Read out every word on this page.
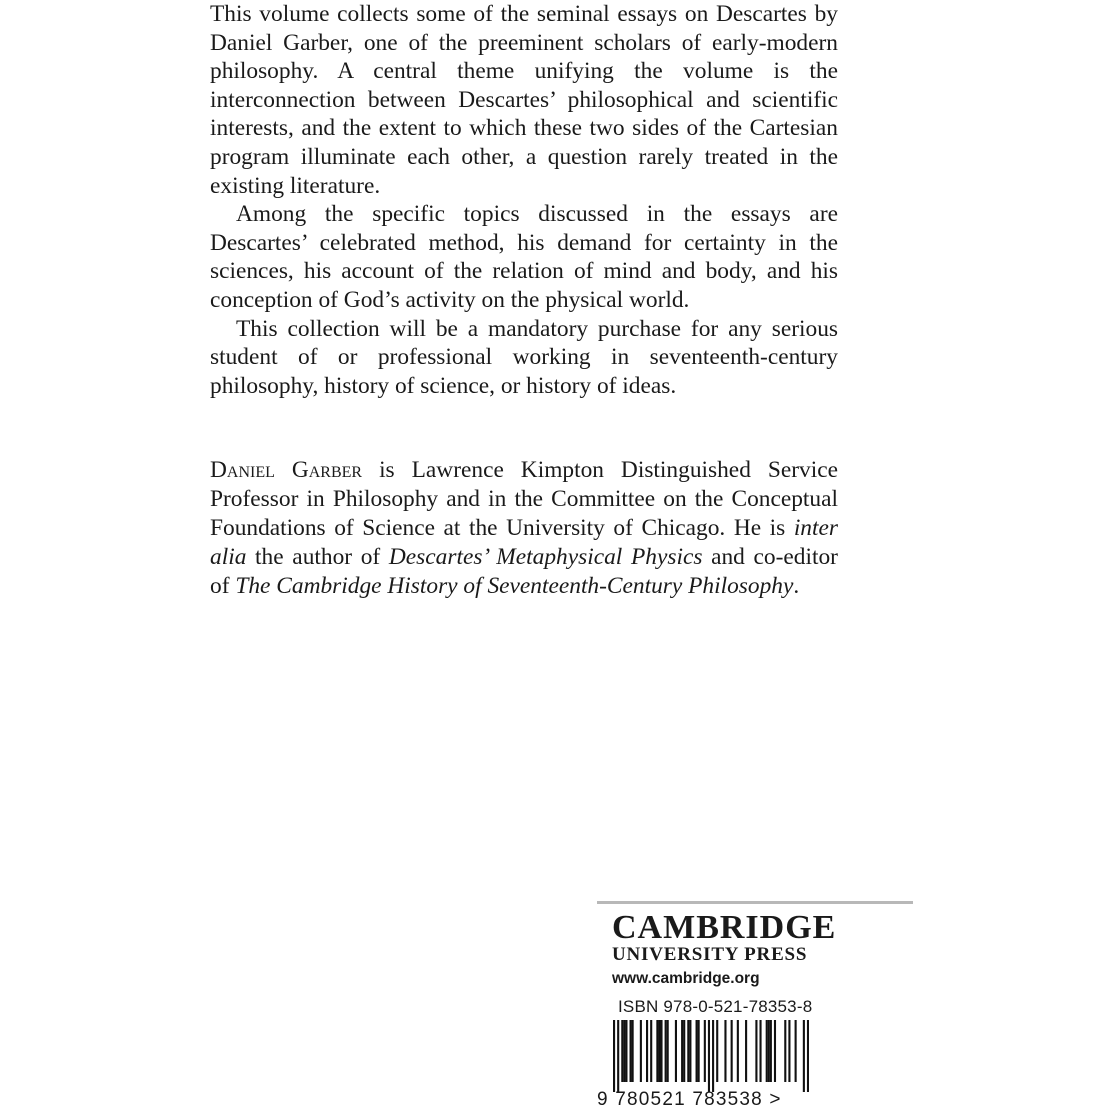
This volume collects some of the seminal essays on Descartes by Daniel Garber, one of the preeminent scholars of early-modern philosophy. A central theme unifying the volume is the interconnection between Descartes’ philosophical and scientific interests, and the extent to which these two sides of the Cartesian program illuminate each other, a question rarely treated in the existing literature.

Among the specific topics discussed in the essays are Descartes’ celebrated method, his demand for certainty in the sciences, his account of the relation of mind and body, and his conception of God’s activity on the physical world.

This collection will be a mandatory purchase for any serious student of or professional working in seventeenth-century philosophy, history of science, or history of ideas.

Daniel Garber is Lawrence Kimpton Distinguished Service Professor in Philosophy and in the Committee on the Conceptual Foundations of Science at the University of Chicago. He is inter alia the author of Descartes’ Metaphysical Physics and co-editor of The Cambridge History of Seventeenth-Century Philosophy.

CAMBRIDGE
UNIVERSITY PRESS
www.cambridge.org
ISBN 978-0-521-78353-8
9 780521 783538 >
